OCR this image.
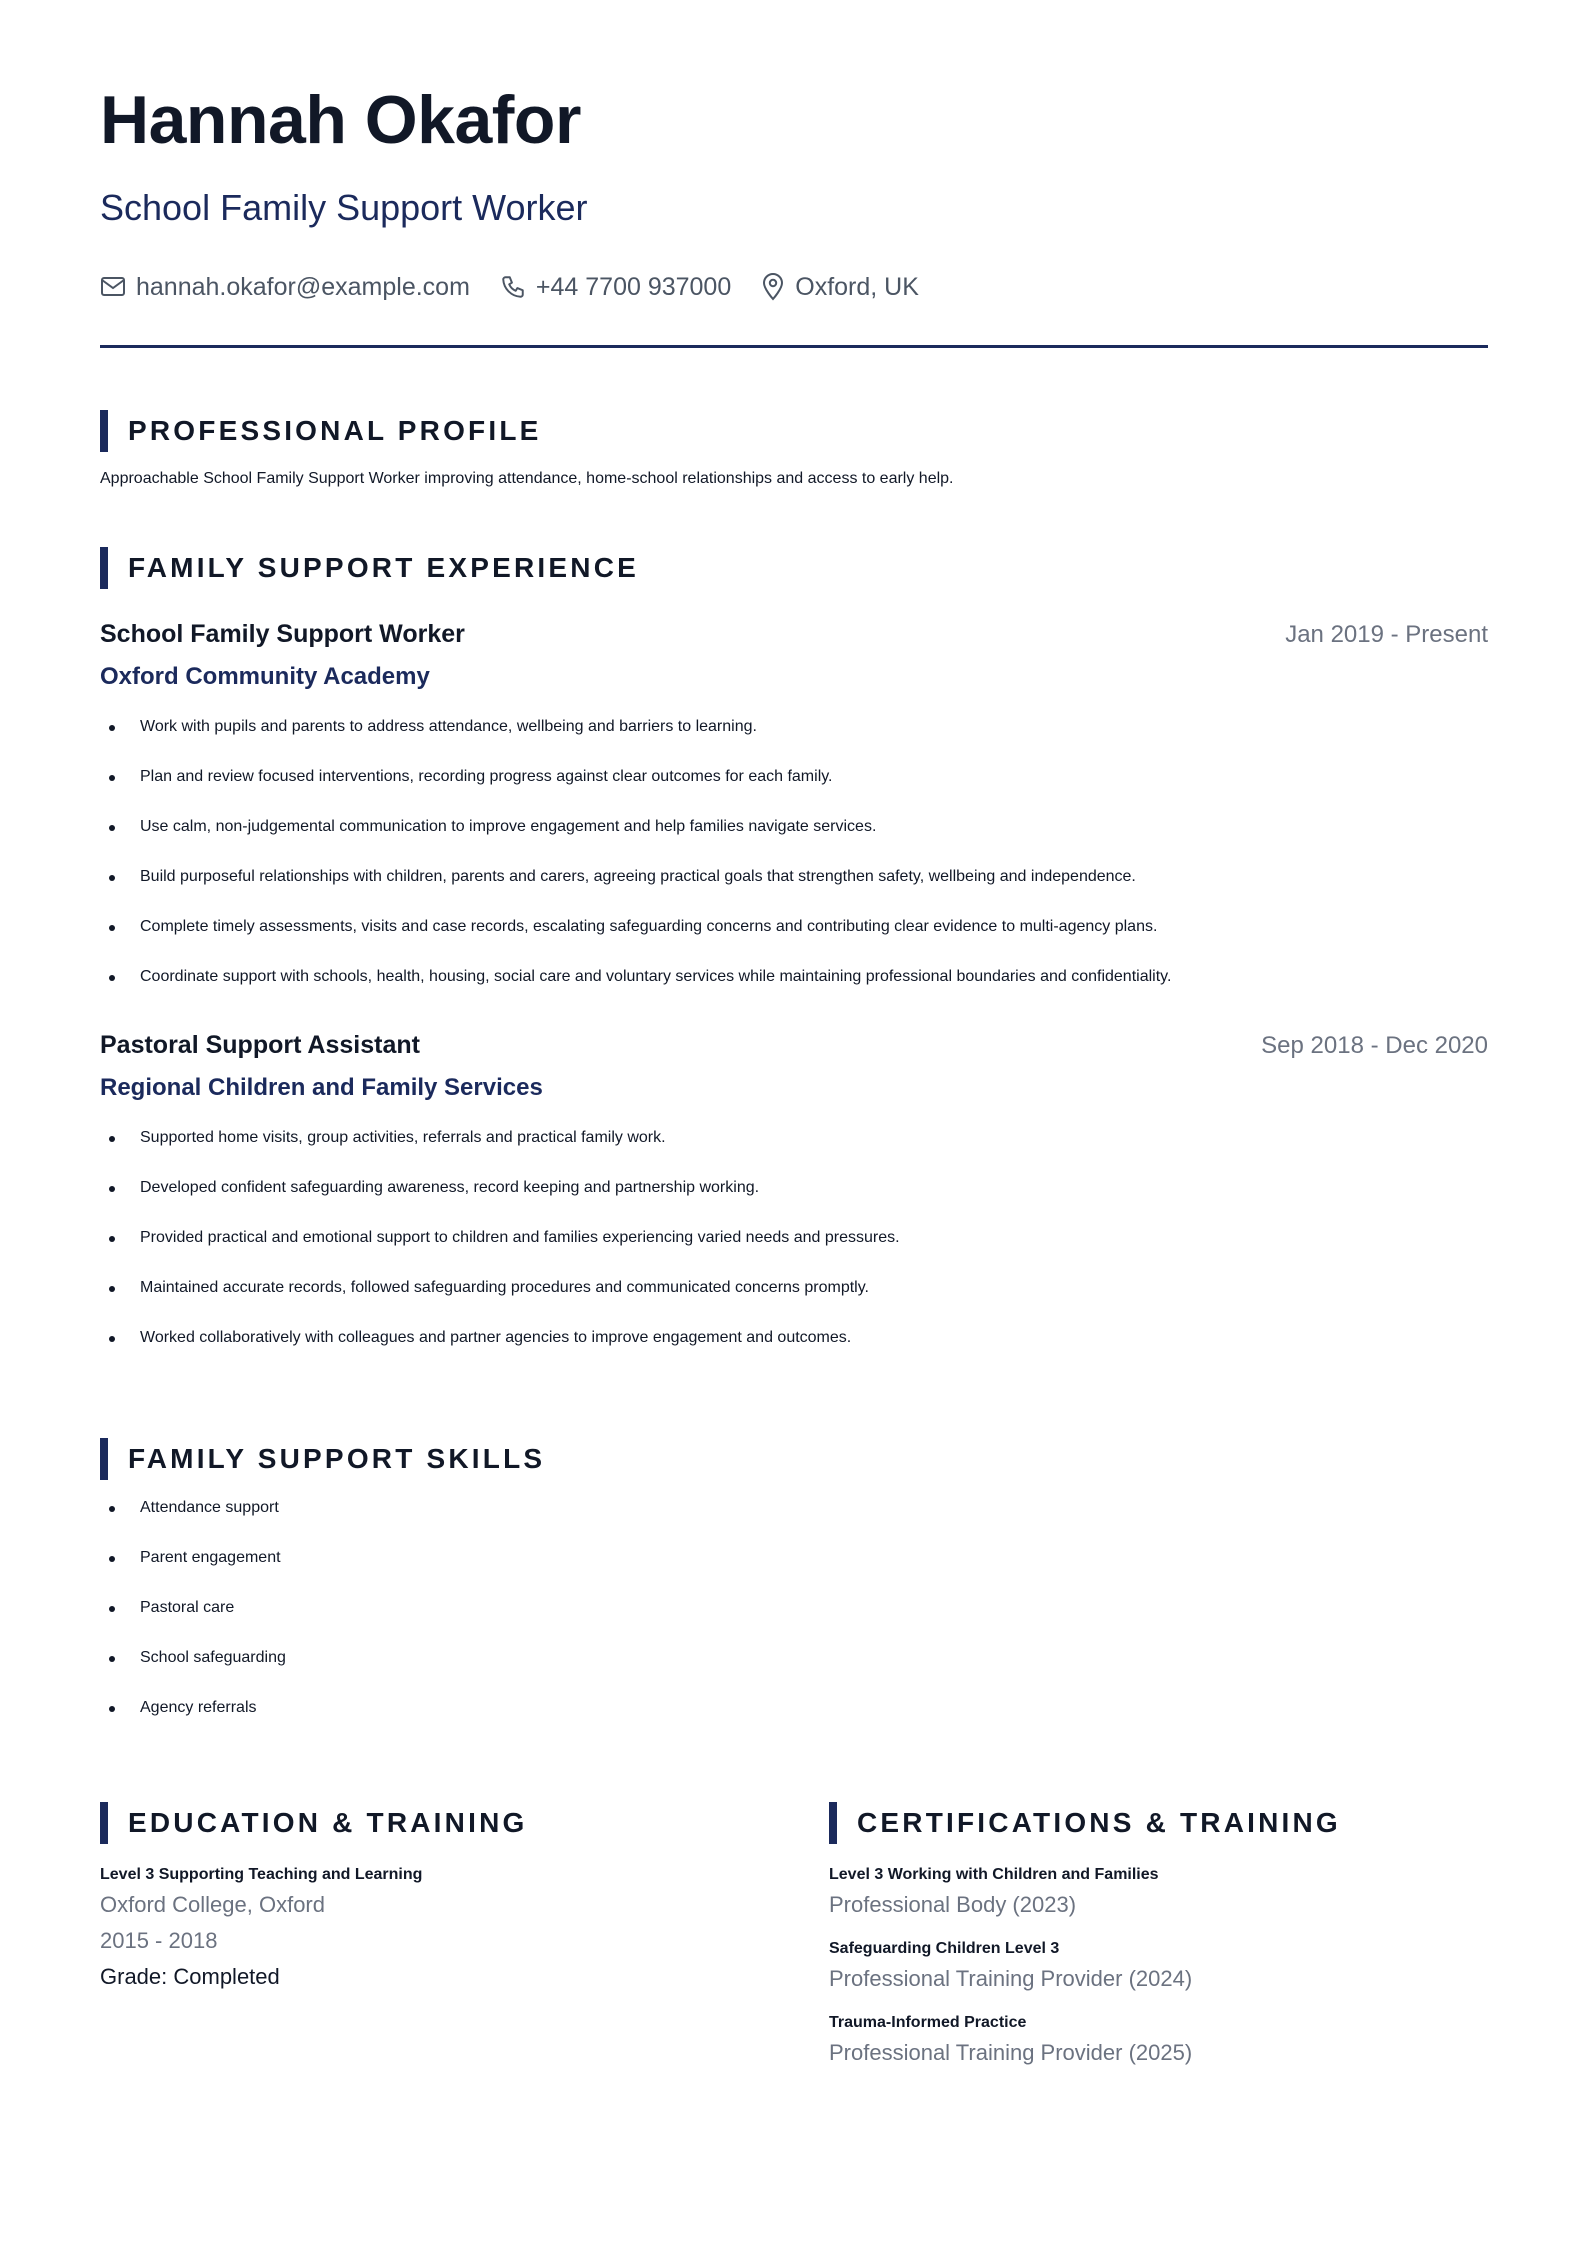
Hannah Okafor
School Family Support Worker
hannah.okafor@example.com	+44 7700 937000	Oxford, UK
PROFESSIONAL PROFILE
Approachable School Family Support Worker improving attendance, home-school relationships and access to early help.
FAMILY SUPPORT EXPERIENCE
School Family Support Worker	Jan 2019 - Present
Oxford Community Academy
Work with pupils and parents to address attendance, wellbeing and barriers to learning.
Plan and review focused interventions, recording progress against clear outcomes for each family.
Use calm, non-judgemental communication to improve engagement and help families navigate services.
Build purposeful relationships with children, parents and carers, agreeing practical goals that strengthen safety, wellbeing and independence.
Complete timely assessments, visits and case records, escalating safeguarding concerns and contributing clear evidence to multi-agency plans.
Coordinate support with schools, health, housing, social care and voluntary services while maintaining professional boundaries and confidentiality.
Pastoral Support Assistant	Sep 2018 - Dec 2020
Regional Children and Family Services
Supported home visits, group activities, referrals and practical family work.
Developed confident safeguarding awareness, record keeping and partnership working.
Provided practical and emotional support to children and families experiencing varied needs and pressures.
Maintained accurate records, followed safeguarding procedures and communicated concerns promptly.
Worked collaboratively with colleagues and partner agencies to improve engagement and outcomes.
FAMILY SUPPORT SKILLS
Attendance support
Parent engagement
Pastoral care
School safeguarding
Agency referrals
EDUCATION & TRAINING
Level 3 Supporting Teaching and Learning
Oxford College, Oxford
2015 - 2018
Grade: Completed
CERTIFICATIONS & TRAINING
Level 3 Working with Children and Families
Professional Body (2023)
Safeguarding Children Level 3
Professional Training Provider (2024)
Trauma-Informed Practice
Professional Training Provider (2025)
